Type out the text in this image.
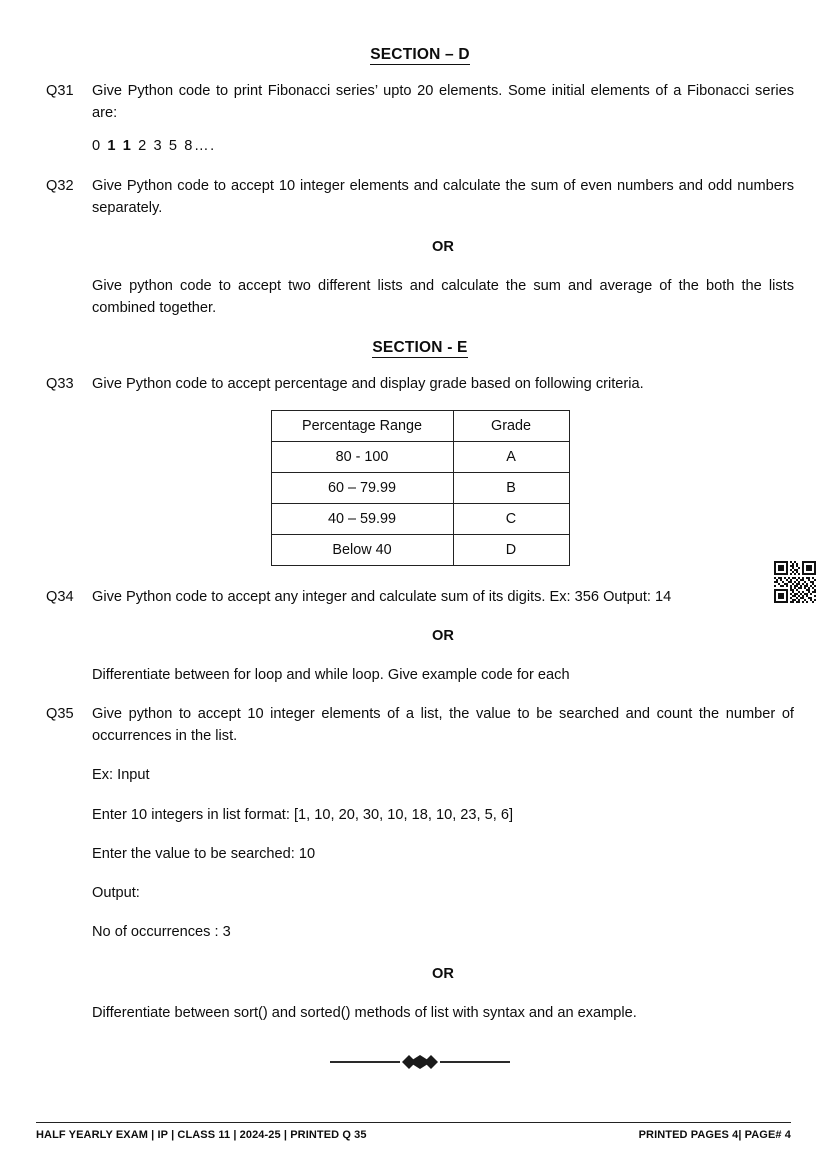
SECTION – D
Q31	Give Python code to print Fibonacci series’ upto 20 elements. Some initial elements of a Fibonacci series are:

0 1 1 2 3 5 8….

Q32	Give Python code to accept 10 integer elements and calculate the sum of even numbers and odd numbers separately.

OR

Give python code to accept two different lists and calculate the sum and average of the both the lists combined together.

SECTION - E
Q33	Give Python code to accept percentage and display grade based on following criteria.

Percentage Range	Grade
80 - 100	A
60 – 79.99	B
40 – 59.99	C
Below 40	D
Q34	Give Python code to accept any integer and calculate sum of its digits. Ex: 356 Output: 14

OR

Differentiate between for loop and while loop. Give example code for each

Q35	Give python to accept 10 integer elements of a list, the value to be searched and count the number of occurrences in the list.

Ex: Input

Enter 10 integers in list format: [1, 10, 20, 30, 10, 18, 10, 23, 5, 6]

Enter the value to be searched: 10

Output:

No of occurrences : 3

OR

Differentiate between sort() and sorted() methods of list with syntax and an example.

HALF YEARLY EXAM | IP | CLASS 11 | 2024-25 | PRINTED Q 35	PRINTED PAGES 4| PAGE# 4
